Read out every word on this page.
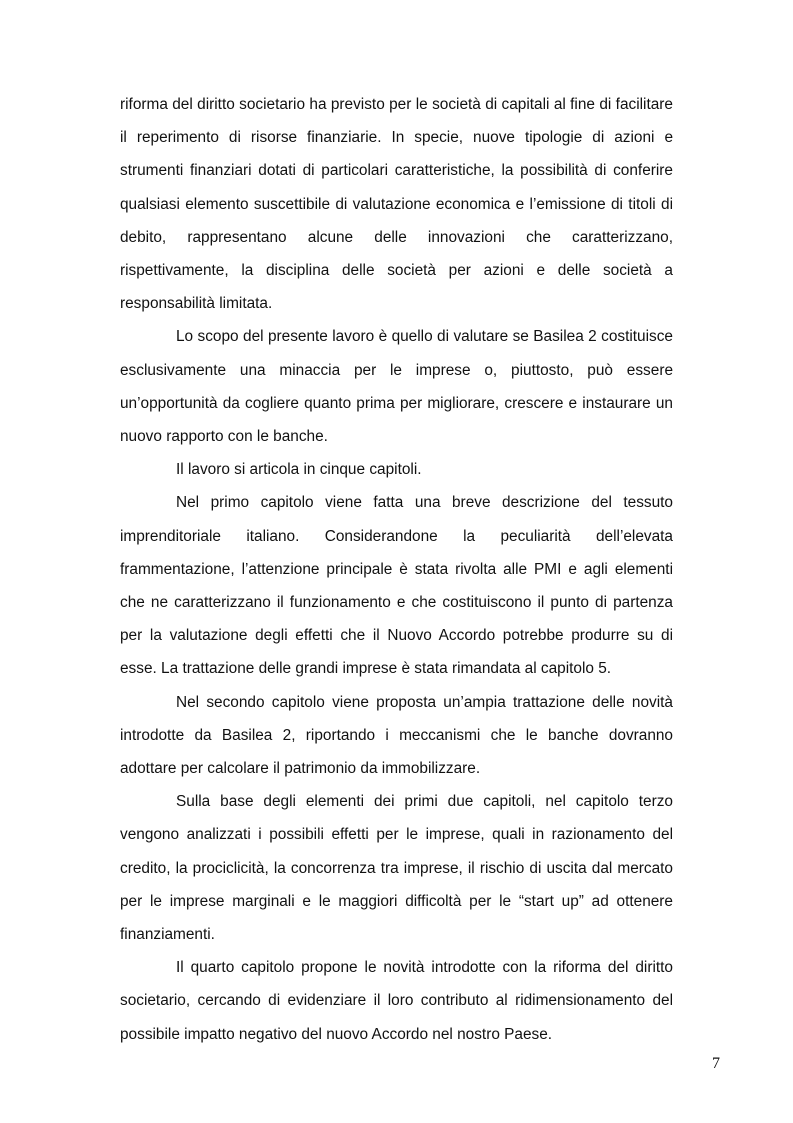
riforma del diritto societario ha previsto per le società di capitali al fine di facilitare il reperimento di risorse finanziarie. In specie, nuove tipologie di azioni e strumenti finanziari dotati di particolari caratteristiche, la possibilità di conferire qualsiasi elemento suscettibile di valutazione economica e l’emissione di titoli di debito, rappresentano alcune delle innovazioni che caratterizzano, rispettivamente, la disciplina delle società per azioni e delle società a responsabilità limitata.

Lo scopo del presente lavoro è quello di valutare se Basilea 2 costituisce esclusivamente una minaccia per le imprese o, piuttosto, può essere un’opportunità da cogliere quanto prima per migliorare, crescere e instaurare un nuovo rapporto con le banche.

Il lavoro si articola in cinque capitoli.

Nel primo capitolo viene fatta una breve descrizione del tessuto imprenditoriale italiano. Considerandone la peculiarità dell’elevata frammentazione, l’attenzione principale è stata rivolta alle PMI e agli elementi che ne caratterizzano il funzionamento e che costituiscono il punto di partenza per la valutazione degli effetti che il Nuovo Accordo potrebbe produrre su di esse. La trattazione delle grandi imprese è stata rimandata al capitolo 5.

Nel secondo capitolo viene proposta un’ampia trattazione delle novità introdotte da Basilea 2, riportando i meccanismi che le banche dovranno adottare per calcolare il patrimonio da immobilizzare.

Sulla base degli elementi dei primi due capitoli, nel capitolo terzo vengono analizzati i possibili effetti per le imprese, quali in razionamento del credito, la prociclicità, la concorrenza tra imprese, il rischio di uscita dal mercato per le imprese marginali e le maggiori difficoltà per le “start up” ad ottenere finanziamenti.

Il quarto capitolo propone le novità introdotte con la riforma del diritto societario, cercando di evidenziare il loro contributo al ridimensionamento del possibile impatto negativo del nuovo Accordo nel nostro Paese.

7
